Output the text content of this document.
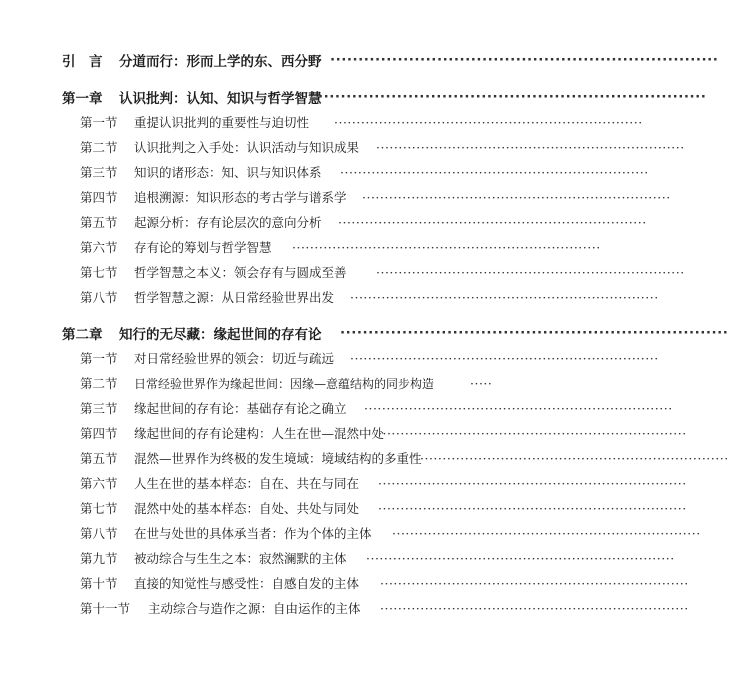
引　言 分道而行：形而上学的东、西分野 ·····································································
第一章 认识批判：认知、知识与哲学智慧
·····································································
第一节 重提认识批判的重要性与迫切性 ·····································································
第二节 认识批判之入手处：认识活动与知识成果 ·····································································
第三节 知识的诸形态：知、识与知识体系 ·····································································
第四节 追根溯源：知识形态的考古学与谱系学 ·····································································
第五节 起源分析：存有论层次的意向分析 ·····································································
第六节 存有论的筹划与哲学智慧 ·····································································
第七节 哲学智慧之本义：领会存有与圆成至善 ·····································································
第八节 哲学智慧之源：从日常经验世界出发 ·····································································
第二章 知行的无尽藏：缘起世间的存有论 ·····································································
第一节 对日常经验世界的领会：切近与疏远 ·····································································
第二节 日常经验世界作为缘起世间：因缘—意蕴结构的同步构造	·····
第三节 缘起世间的存有论：基础存有论之确立 ·····································································
第四节 缘起世间的存有论建构：人生在世—混然中处
·····································································
第五节 混然—世界作为终极的发生境域：境域结构的多重性
·····································································
第六节 人生在世的基本样态：自在、共在与同在 ·····································································
第七节 混然中处的基本样态：自处、共处与同处 ·····································································
第八节 在世与处世的具体承当者：作为个体的主体 ·····································································
第九节 被动综合与生生之本：寂然澜默的主体 ·····································································
第十节 直接的知觉性与感受性：自感自发的主体 ·····································································
第十一节 主动综合与造作之源：自由运作的主体 ·····································································
